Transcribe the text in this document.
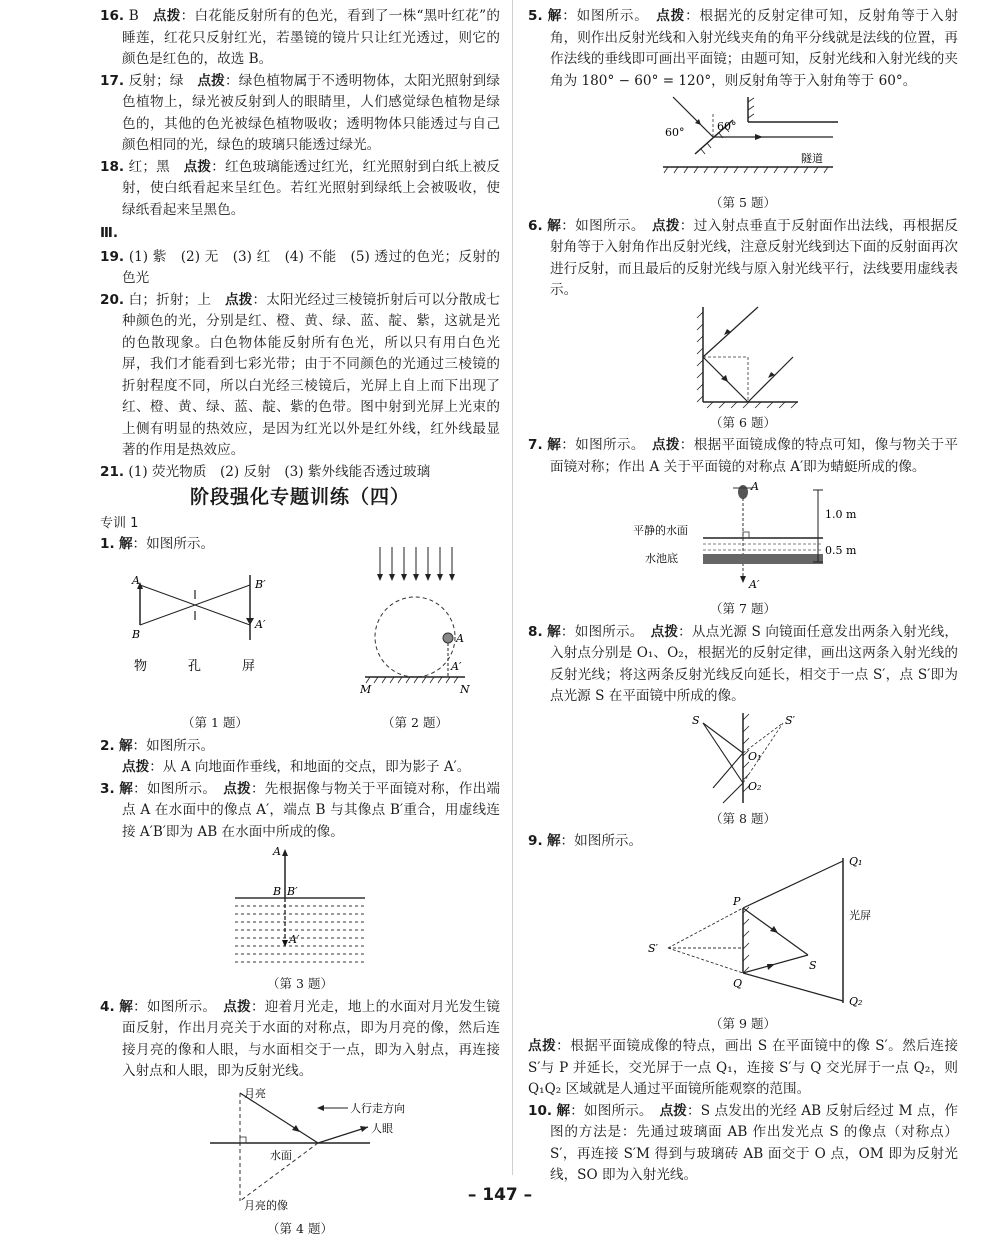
16. B　 点拨：白花能反射所有的色光，看到了一株“黑叶红花”的睡莲，红花只反射红光，若墨镜的镜片只让红光透过，则它的颜色是红色的，故选 B。

17. 反射；绿　 点拨：绿色植物属于不透明物体，太阳光照射到绿色植物上，绿光被反射到人的眼睛里，人们感觉绿色植物是绿色的，其他的色光被绿色植物吸收；透明物体只能透过与自己颜色相同的光，绿色的玻璃只能透过绿光。

18. 红；黑　 点拨：红色玻璃能透过红光，红光照射到白纸上被反射，使白纸看起来呈红色。若红光照射到绿纸上会被吸收，使绿纸看起来呈黑色。

Ⅲ.

19. (1) 紫　(2) 无　(3) 红　(4) 不能　(5) 透过的色光；反射的色光

20. 白；折射；上　 点拨：太阳光经过三棱镜折射后可以分散成七种颜色的光，分别是红、橙、黄、绿、蓝、靛、紫，这就是光的色散现象。白色物体能反射所有色光，所以只有用白色光屏，我们才能看到七彩光带；由于不同颜色的光通过三棱镜的折射程度不同，所以白光经三棱镜后，光屏上自上而下出现了红、橙、黄、绿、蓝、靛、紫的色带。图中射到光屏上光束的上侧有明显的热效应，是因为红光以外是红外线，红外线最显著的作用是热效应。

21. (1) 荧光物质　(2) 反射　(3) 紫外线能否透过玻璃

阶段强化专题训练（四）

专训 1

1. 解：如图所示。

A
B
B′
A′
物	孔	屏

（第 1 题）

A
A′
M	N

（第 2 题）

2. 解：如图所示。

点拨：从 A 向地面作垂线，和地面的交点，即为影子 A′。

3. 解：如图所示。　 点拨：先根据像与物关于平面镜对称，作出端点 A 在水面中的像点 A′，端点 B 与其像点 B′重合，用虚线连接 A′B′即为 AB 在水面中所成的像。

A
B B′
A′

（第 3 题）

4. 解：如图所示。　 点拨：迎着月光走，地上的水面对月光发生镜面反射，作出月亮关于水面的对称点，即为月亮的像，然后连接月亮的像和人眼，与水面相交于一点，即为入射点，再连接入射点和人眼，即为反射光线。

月亮
人行走方向
人眼
水面
月亮的像

（第 4 题）

5. 解：如图所示。　 点拨：根据光的反射定律可知，反射角等于入射角，则作出反射光线和入射光线夹角的角平分线就是法线的位置，再作法线的垂线即可画出平面镜；由题可知，反射光线和入射光线的夹角为 180° − 60° = 120°，则反射角等于入射角等于 60°。

60°	60°
隧道

（第 5 题）

6. 解：如图所示。　 点拨：过入射点垂直于反射面作出法线，再根据反射角等于入射角作出反射光线，注意反射光线到达下面的反射面再次进行反射，而且最后的反射光线与原入射光线平行，法线要用虚线表示。

（第 6 题）

7. 解：如图所示。　 点拨：根据平面镜成像的特点可知，像与物关于平面镜对称；作出 A 关于平面镜的对称点 A′即为蜻蜓所成的像。

A
1.0 m
平静的水面
水池底
0.5 m
A′

（第 7 题）

8. 解：如图所示。　 点拨：从点光源 S 向镜面任意发出两条入射光线，入射点分别是 O₁、O₂，根据光的反射定律，画出这两条入射光线的反射光线；将这两条反射光线反向延长，相交于一点 S′，点 S′即为点光源 S 在平面镜中所成的像。

S	S′
O₁
O₂

（第 8 题）

9. 解：如图所示。

Q₁
P
光屏
S′
S
Q
Q₂

（第 9 题）

点拨：根据平面镜成像的特点，画出 S 在平面镜中的像 S′。然后连接 S′与 P 并延长，交光屏于一点 Q₁，连接 S′与 Q 交光屏于一点 Q₂，则 Q₁Q₂ 区域就是人通过平面镜所能观察的范围。

10. 解：如图所示。　 点拨：S 点发出的光经 AB 反射后经过 M 点，作图的方法是：先通过玻璃面 AB 作出发光点 S 的像点（对称点）S′，再连接 S′M 得到与玻璃砖 AB 面交于 O 点，OM 即为反射光线，SO 即为入射光线。

– 147 –
